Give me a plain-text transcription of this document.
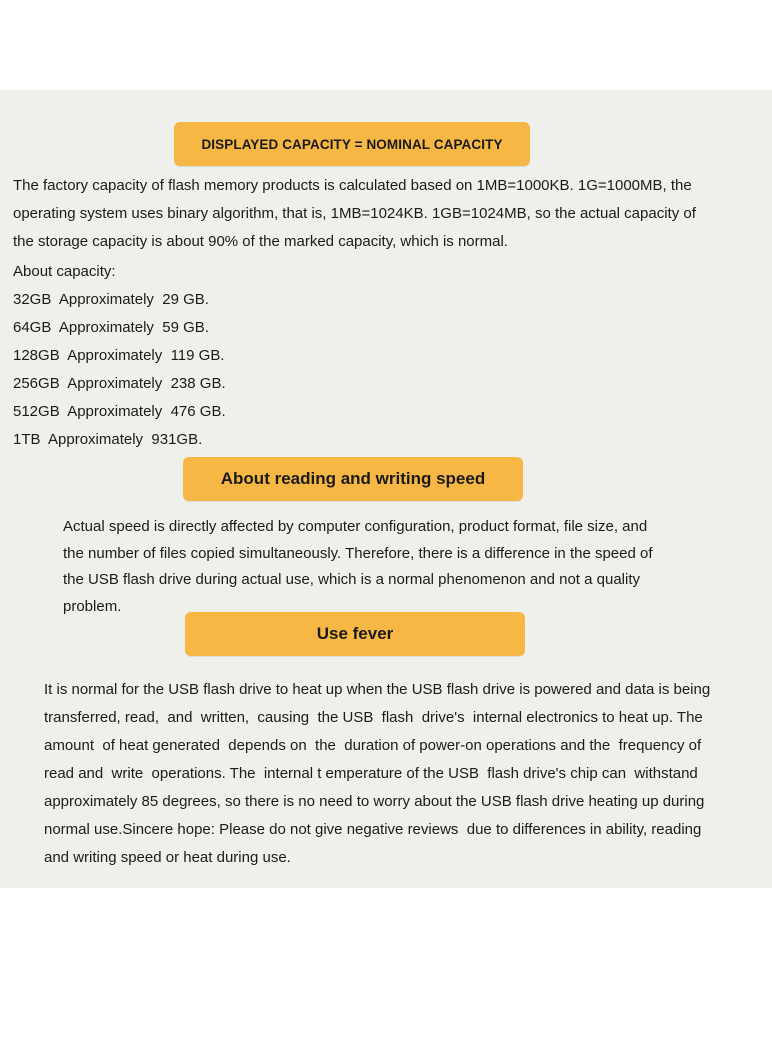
DISPLAYED CAPACITY = NOMINAL CAPACITY
The factory capacity of flash memory products is calculated based on 1MB=1000KB. 1G=1000MB, the
operating system uses binary algorithm, that is, 1MB=1024KB. 1GB=1024MB, so the actual capacity of
the storage capacity is about 90% of the marked capacity, which is normal.
About capacity:
32GB  Approximately  29 GB.
64GB  Approximately  59 GB.
128GB  Approximately  119 GB.
256GB  Approximately  238 GB.
512GB  Approximately  476 GB.
1TB  Approximately  931GB.
About reading and writing speed
Actual speed is directly affected by computer configuration, product format, file size, and
the number of files copied simultaneously. Therefore, there is a difference in the speed of
the USB flash drive during actual use, which is a normal phenomenon and not a quality
problem.
Use fever
It is normal for the USB flash drive to heat up when the USB flash drive is powered and data is being
transferred, read,  and  written,  causing  the USB  flash  drive's  internal electronics to heat up. The
amount  of heat generated  depends on  the  duration of power-on operations and the  frequency of
read and  write  operations. The  internal t emperature of the USB  flash drive's chip can  withstand
approximately 85 degrees, so there is no need to worry about the USB flash drive heating up during
normal use.Sincere hope: Please do not give negative reviews  due to differences in ability, reading
and writing speed or heat during use.
